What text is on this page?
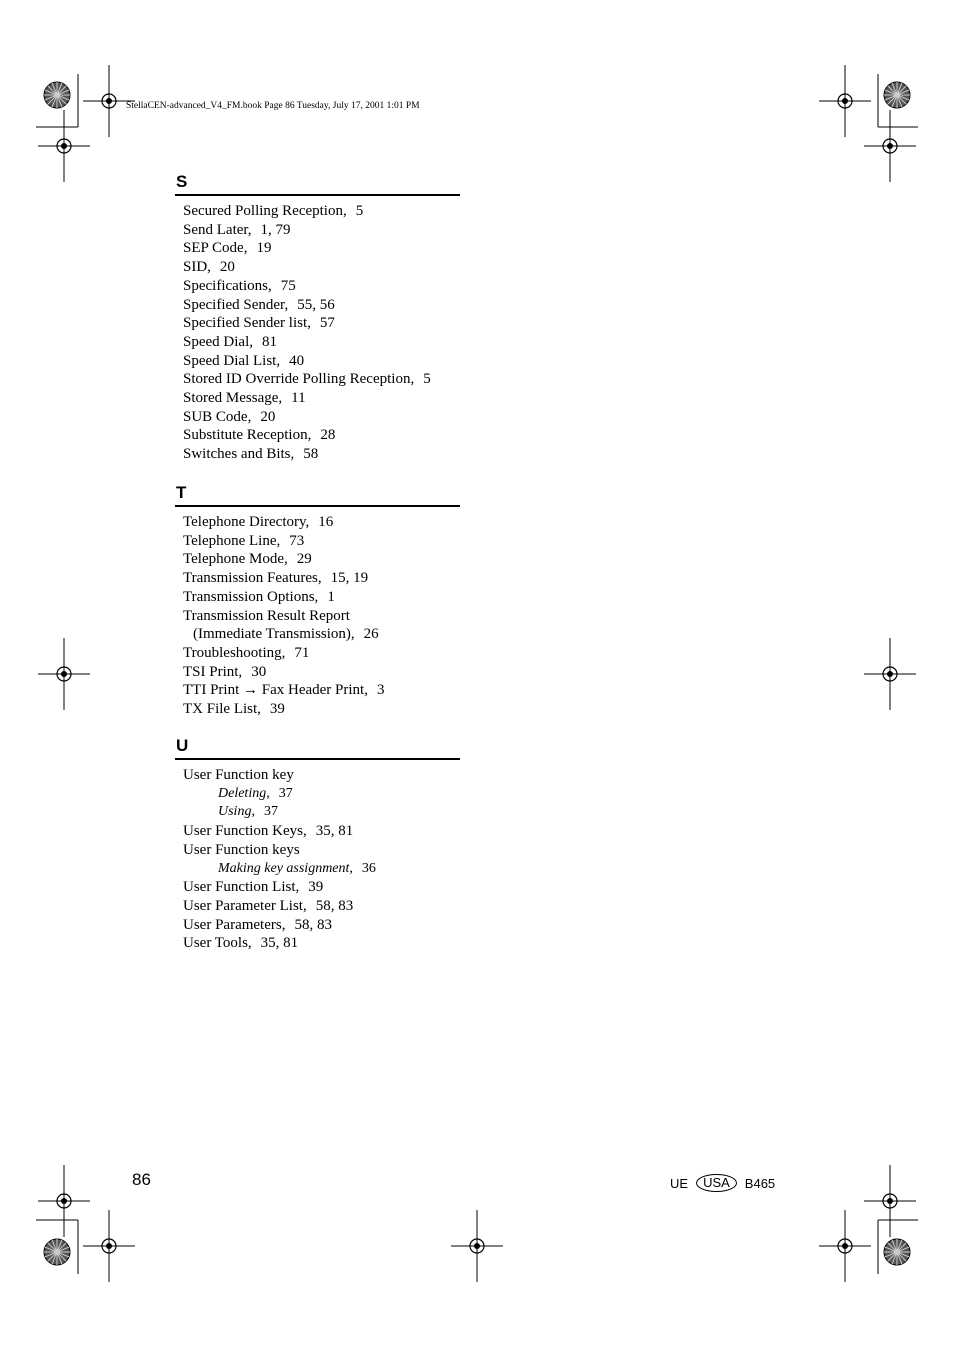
StellaCEN-advanced_V4_FM.book Page 86 Tuesday, July 17, 2001 1:01 PM
S
Secured Polling Reception, 5
Send Later, 1, 79
SEP Code, 19
SID, 20
Specifications, 75
Specified Sender, 55, 56
Specified Sender list, 57
Speed Dial, 81
Speed Dial List, 40
Stored ID Override Polling Reception, 5
Stored Message, 11
SUB Code, 20
Substitute Reception, 28
Switches and Bits, 58
T
Telephone Directory, 16
Telephone Line, 73
Telephone Mode, 29
Transmission Features, 15, 19
Transmission Options, 1
Transmission Result Report
(Immediate Transmission), 26
Troubleshooting, 71
TSI Print, 30
TTI Print → Fax Header Print, 3
TX File List, 39
U
User Function key
Deleting, 37
Using, 37
User Function Keys, 35, 81
User Function keys
Making key assignment, 36
User Function List, 39
User Parameter List, 58, 83
User Parameters, 58, 83
User Tools, 35, 81
86	UE	USA	B465
